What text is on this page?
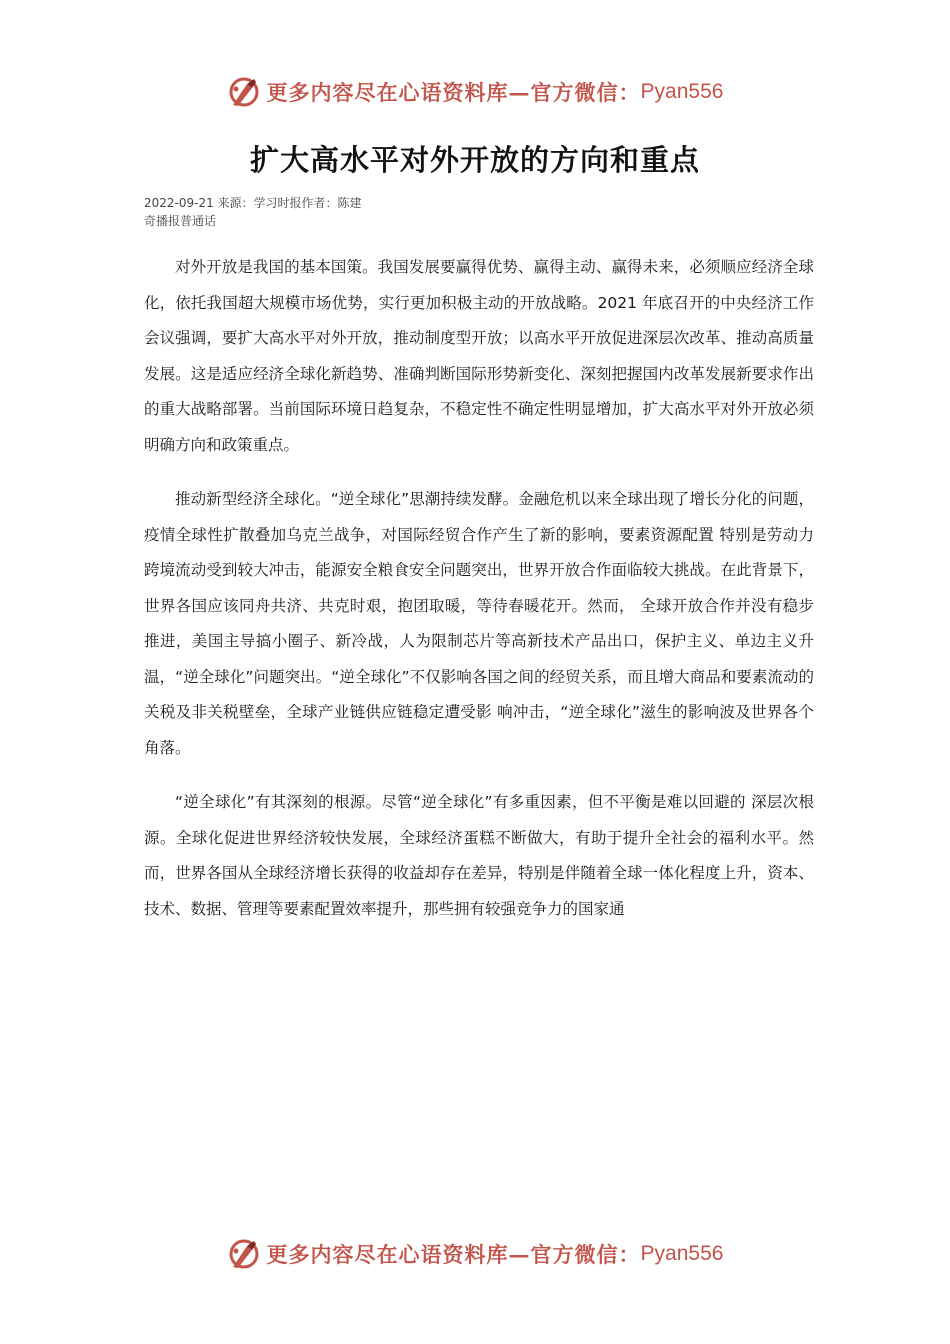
更多内容尽在心语资料库—官方微信： Pyan556
扩大高水平对外开放的方向和重点

2022-09-21 来源：学习时报作者：陈建

奇播报普通话

对外开放是我国的基本国策。我国发展要赢得优势、赢得主动、赢得未来，必须顺应经济全球化，依托我国超大规模市场优势，实行更加积极主动的开放战略。2021 年底召开的中央经济工作会议强调，要扩大高水平对外开放，推动制度型开放；以高水平开放促进深层次改革、推动高质量发展。这是适应经济全球化新趋势、准确判断国际形势新变化、深刻把握国内改革发展新要求作出的重大战略部署。当前国际环境日趋复杂，不稳定性不确定性明显增加，扩大高水平对外开放必须明确方向和政策重点。

推动新型经济全球化。“逆全球化”思潮持续发酵。金融危机以来全球出现了增长分化的问题，疫情全球性扩散叠加乌克兰战争，对国际经贸合作产生了新的影响，要素资源配置 特别是劳动力跨境流动受到较大冲击，能源安全粮食安全问题突出，世界开放合作面临较大挑战。在此背景下，世界各国应该同舟共济、共克时艰，抱团取暖，等待春暖花开。然而， 全球开放合作并没有稳步推进，美国主导搞小圈子、新冷战，人为限制芯片等高新技术产品出口，保护主义、单边主义升温，“逆全球化”问题突出。“逆全球化”不仅影响各国之间的经贸关系，而且增大商品和要素流动的关税及非关税壁垒，全球产业链供应链稳定遭受影 响冲击，“逆全球化”滋生的影响波及世界各个角落。

“逆全球化”有其深刻的根源。尽管“逆全球化”有多重因素，但不平衡是难以回避的 深层次根源。全球化促进世界经济较快发展，全球经济蛋糕不断做大，有助于提升全社会的福利水平。然而，世界各国从全球经济增长获得的收益却存在差异，特别是伴随着全球一体化程度上升，资本、技术、数据、管理等要素配置效率提升，那些拥有较强竞争力的国家通

更多内容尽在心语资料库—官方微信： Pyan556
